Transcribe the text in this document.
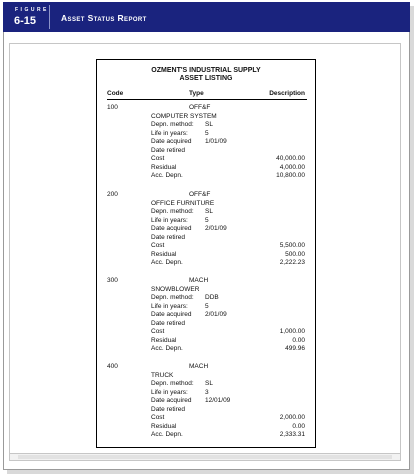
FIGURE
6-15	Asset Status Report
OZMENT'S INDUSTRIAL SUPPLY
ASSET LISTING
Code	Type	Description
100	OFF&F
COMPUTER SYSTEM
Depn. method: SL
Life in years:	5
Date acquired 1/01/09
Date retired
Cost	40,000.00
Residual	4,000.00
Acc. Depn.	10,800.00
200	OFF&F
OFFICE FURNITURE
Depn. method: SL
Life in years:	5
Date acquired 2/01/09
Date retired
Cost	5,500.00
Residual	500.00
Acc. Depn.	2,222.23
300	MACH
SNOWBLOWER
Depn. method: DDB
Life in years:	5
Date acquired 2/01/09
Date retired
Cost	1,000.00
Residual	0.00
Acc. Depn.	499.96
400	MACH
TRUCK
Depn. method: SL
Life in years:	3
Date acquired 12/01/09
Date retired
Cost	2,000.00
Residual	0.00
Acc. Depn.	2,333.31
